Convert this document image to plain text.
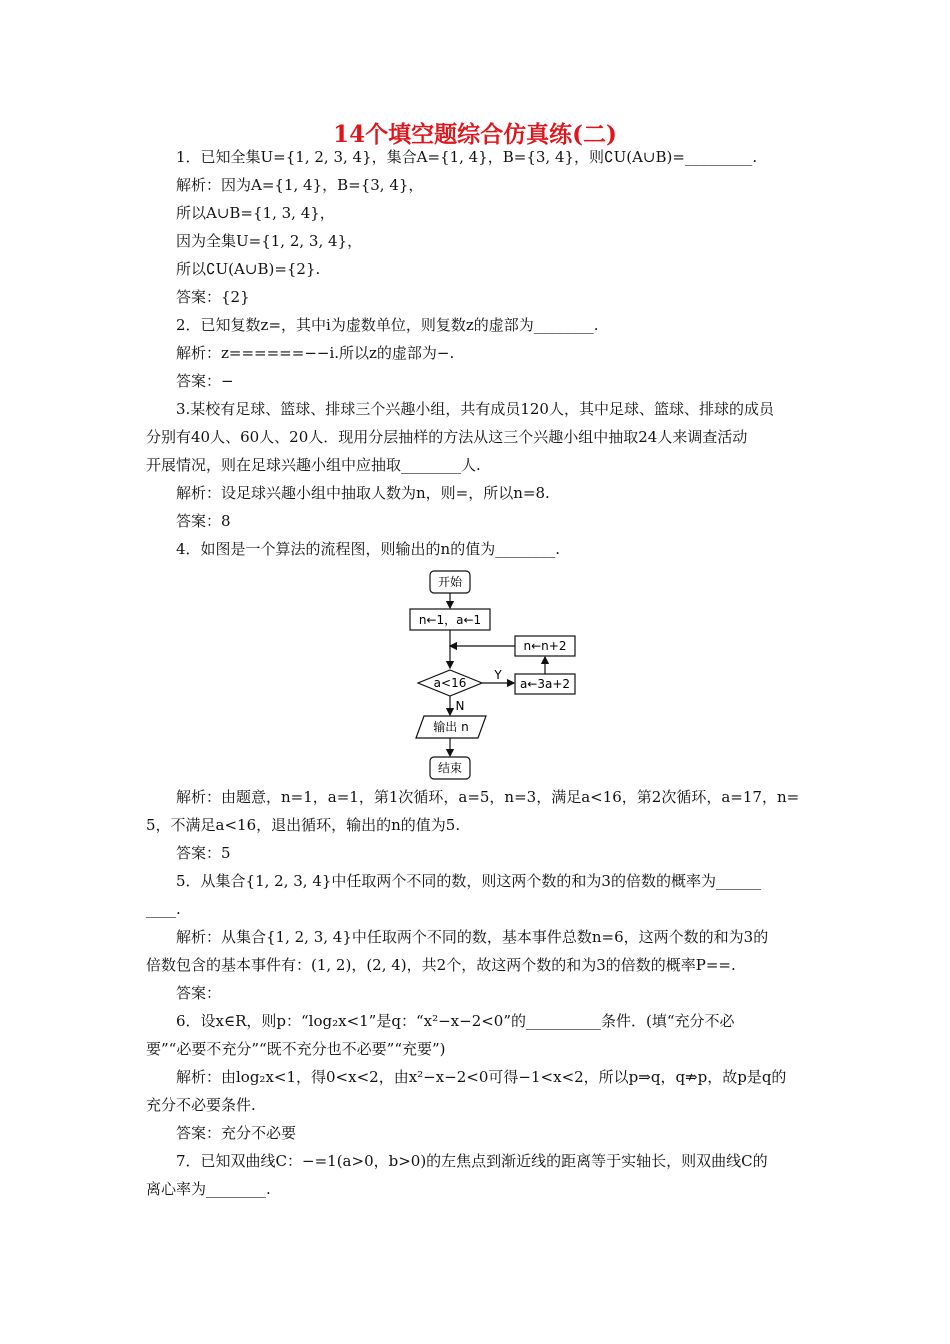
14个填空题综合仿真练(二)
1．已知全集U={1, 2, 3, 4}，集合A={1, 4}，B={3, 4}，则∁U(A∪B)=_________.
解析：因为A={1, 4}，B={3, 4}，
所以A∪B={1, 3, 4}，
因为全集U={1, 2, 3, 4}，
所以∁U(A∪B)={2}.
答案：{2}
2．已知复数z=，其中i为虚数单位，则复数z的虚部为________.
解析：z======−−i.所以z的虚部为−.
答案：−
3.某校有足球、篮球、排球三个兴趣小组，共有成员120人，其中足球、篮球、排球的成员
分别有40人、60人、20人．现用分层抽样的方法从这三个兴趣小组中抽取24人来调查活动
开展情况，则在足球兴趣小组中应抽取________人.
解析：设足球兴趣小组中抽取人数为n，则=，所以n=8.
答案：8
4．如图是一个算法的流程图，则输出的n的值为________.
开始
n←1，a←1
n←n+2
a<16
Y
a←3a+2
N
输出 n
结束
解析：由题意，n=1，a=1，第1次循环，a=5，n=3，满足a<16，第2次循环，a=17，n=
5，不满足a<16，退出循环，输出的n的值为5.
答案：5
5．从集合{1, 2, 3, 4}中任取两个不同的数，则这两个数的和为3的倍数的概率为______
____.
解析：从集合{1, 2, 3, 4}中任取两个不同的数，基本事件总数n=6，这两个数的和为3的
倍数包含的基本事件有：(1, 2)，(2, 4)，共2个，故这两个数的和为3的倍数的概率P==.
答案：
6．设x∈R，则p：“log₂x<1”是q：“x²−x−2<0”的__________条件．(填“充分不必
要”“必要不充分”“既不充分也不必要”“充要”)
解析：由log₂x<1，得0<x<2，由x²−x−2<0可得−1<x<2，所以p⇒q，q⇏p，故p是q的
充分不必要条件.
答案：充分不必要
7．已知双曲线C：−=1(a>0，b>0)的左焦点到渐近线的距离等于实轴长，则双曲线C的
离心率为________.
